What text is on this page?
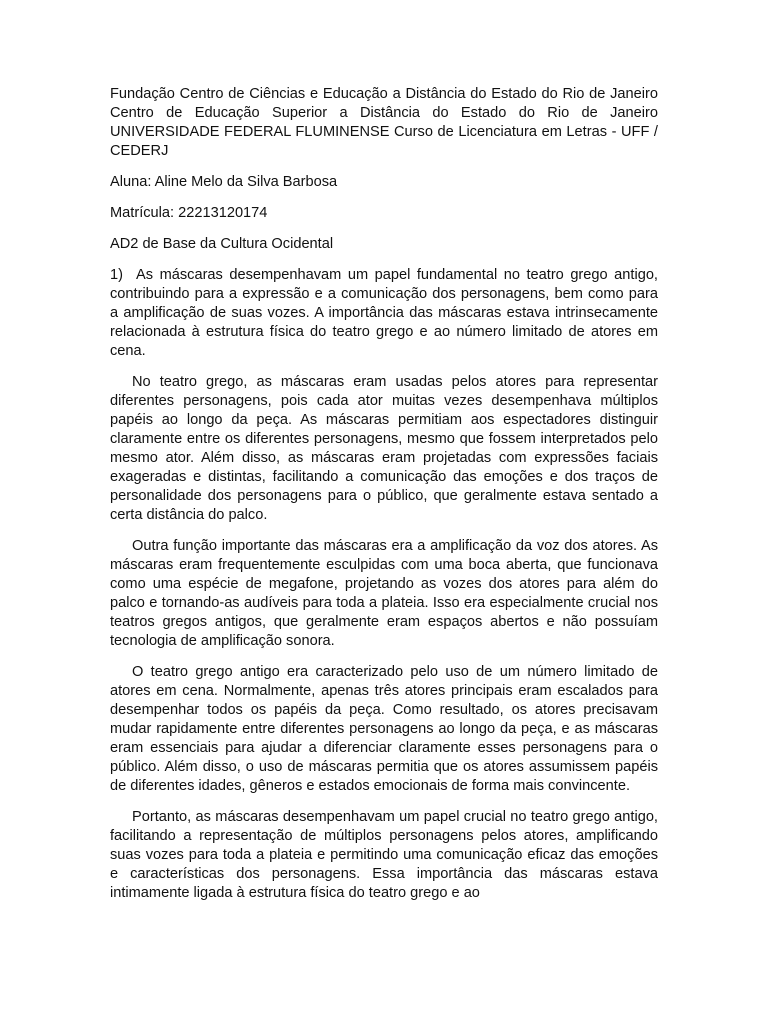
Fundação Centro de Ciências e Educação a Distância do Estado do Rio de Janeiro Centro de Educação Superior a Distância do Estado do Rio de Janeiro UNIVERSIDADE FEDERAL FLUMINENSE Curso de Licenciatura em Letras - UFF / CEDERJ

Aluna: Aline Melo da Silva Barbosa

Matrícula: 22213120174

AD2 de Base da Cultura Ocidental

1)  As máscaras desempenhavam um papel fundamental no teatro grego antigo, contribuindo para a expressão e a comunicação dos personagens, bem como para a amplificação de suas vozes. A importância das máscaras estava intrinsecamente relacionada à estrutura física do teatro grego e ao número limitado de atores em cena.

No teatro grego, as máscaras eram usadas pelos atores para representar diferentes personagens, pois cada ator muitas vezes desempenhava múltiplos papéis ao longo da peça. As máscaras permitiam aos espectadores distinguir claramente entre os diferentes personagens, mesmo que fossem interpretados pelo mesmo ator. Além disso, as máscaras eram projetadas com expressões faciais exageradas e distintas, facilitando a comunicação das emoções e dos traços de personalidade dos personagens para o público, que geralmente estava sentado a certa distância do palco.

Outra função importante das máscaras era a amplificação da voz dos atores. As máscaras eram frequentemente esculpidas com uma boca aberta, que funcionava como uma espécie de megafone, projetando as vozes dos atores para além do palco e tornando-as audíveis para toda a plateia. Isso era especialmente crucial nos teatros gregos antigos, que geralmente eram espaços abertos e não possuíam tecnologia de amplificação sonora.

O teatro grego antigo era caracterizado pelo uso de um número limitado de atores em cena. Normalmente, apenas três atores principais eram escalados para desempenhar todos os papéis da peça. Como resultado, os atores precisavam mudar rapidamente entre diferentes personagens ao longo da peça, e as máscaras eram essenciais para ajudar a diferenciar claramente esses personagens para o público. Além disso, o uso de máscaras permitia que os atores assumissem papéis de diferentes idades, gêneros e estados emocionais de forma mais convincente.

Portanto, as máscaras desempenhavam um papel crucial no teatro grego antigo, facilitando a representação de múltiplos personagens pelos atores, amplificando suas vozes para toda a plateia e permitindo uma comunicação eficaz das emoções e características dos personagens. Essa importância das máscaras estava intimamente ligada à estrutura física do teatro grego e ao
